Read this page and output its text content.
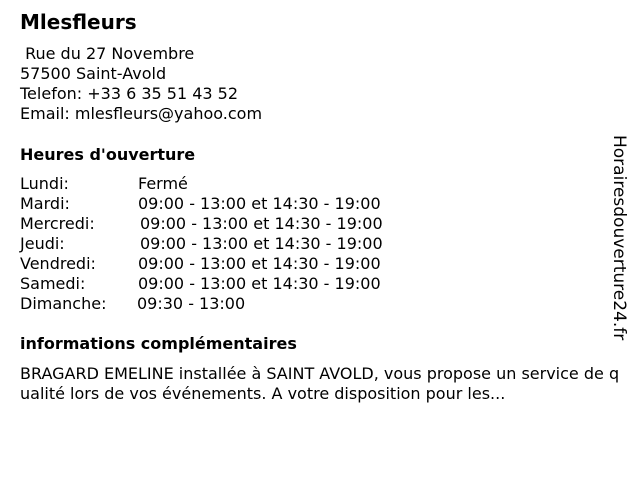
Mlesfleurs
Rue du 27 Novembre
57500 Saint-Avold
Telefon: +33 6 35 51 43 52
Email: mlesfleurs@yahoo.com
Heures d'ouverture
Lundi:	Fermé
Mardi:	09:00 - 13:00 et 14:30 - 19:00
Mercredi:	09:00 - 13:00 et 14:30 - 19:00
Jeudi:	09:00 - 13:00 et 14:30 - 19:00
Vendredi:	09:00 - 13:00 et 14:30 - 19:00
Samedi:	09:00 - 13:00 et 14:30 - 19:00
Dimanche:	09:30 - 13:00
informations complémentaires
BRAGARD EMELINE installée à SAINT AVOLD, vous propose un service de qualité lors de vos événements. A votre disposition pour les...
Horairesdouverture24.fr
